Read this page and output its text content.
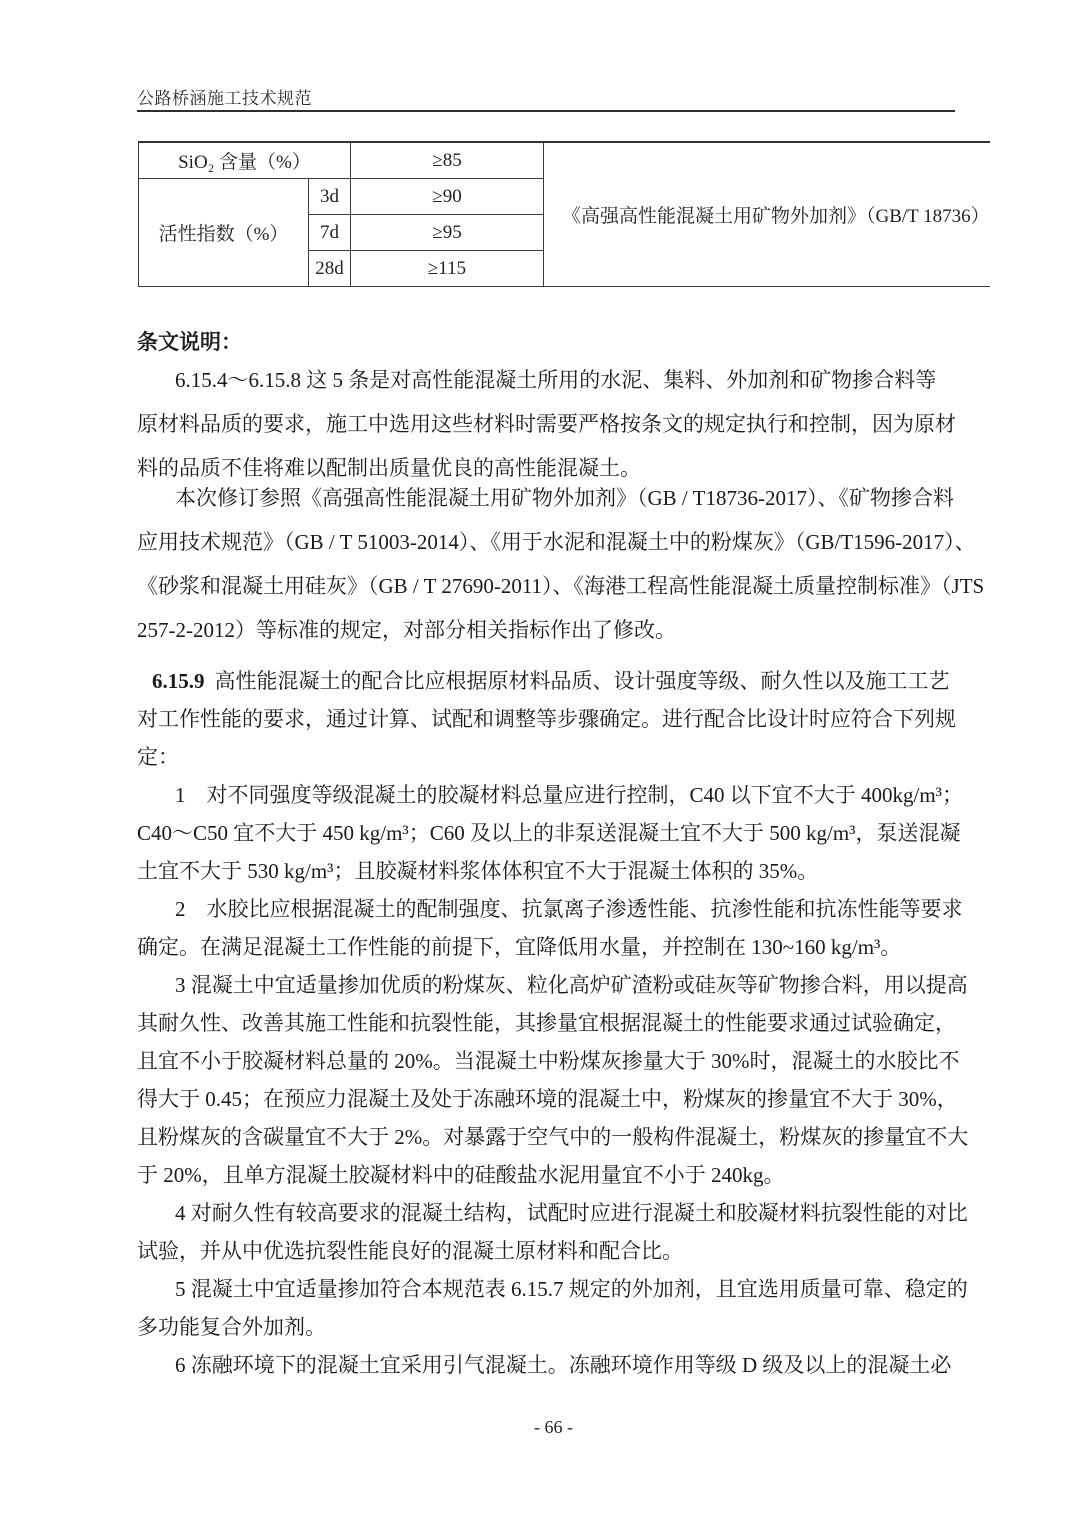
公路桥涵施工技术规范
SiO₂ 含量（%）		≥85	《高强高性能混凝土用矿物外加剂》（GB/T 18736）
活性指数（%）	3d	≥90	
	7d	≥95	
	28d	≥115	
条文说明：
6.15.4～6.15.8 这 5 条是对高性能混凝土所用的水泥、集料、外加剂和矿物掺合料等
原材料品质的要求，施工中选用这些材料时需要严格按条文的规定执行和控制，因为原材
料的品质不佳将难以配制出质量优良的高性能混凝土。
本次修订参照《高强高性能混凝土用矿物外加剂》（GB / T18736-2017）、《矿物掺合料
应用技术规范》（GB / T 51003-2014）、《用于水泥和混凝土中的粉煤灰》（GB/T1596-2017）、
《砂浆和混凝土用硅灰》（GB / T 27690-2011）、《海港工程高性能混凝土质量控制标准》（JTS
257-2-2012）等标准的规定，对部分相关指标作出了修改。
6.15.9 高性能混凝土的配合比应根据原材料品质、设计强度等级、耐久性以及施工工艺
对工作性能的要求，通过计算、试配和调整等步骤确定。进行配合比设计时应符合下列规
定：
1　对不同强度等级混凝土的胶凝材料总量应进行控制，C40 以下宜不大于 400kg/m³；
C40～C50 宜不大于 450 kg/m³；C60 及以上的非泵送混凝土宜不大于 500 kg/m³，泵送混凝
土宜不大于 530 kg/m³；且胶凝材料浆体体积宜不大于混凝土体积的 35%。
2　水胶比应根据混凝土的配制强度、抗氯离子渗透性能、抗渗性能和抗冻性能等要求
确定。在满足混凝土工作性能的前提下，宜降低用水量，并控制在 130~160 kg/m³。
3 混凝土中宜适量掺加优质的粉煤灰、粒化高炉矿渣粉或硅灰等矿物掺合料，用以提高
其耐久性、改善其施工性能和抗裂性能，其掺量宜根据混凝土的性能要求通过试验确定，
且宜不小于胶凝材料总量的 20%。当混凝土中粉煤灰掺量大于 30%时，混凝土的水胶比不
得大于 0.45；在预应力混凝土及处于冻融环境的混凝土中，粉煤灰的掺量宜不大于 30%，
且粉煤灰的含碳量宜不大于 2%。对暴露于空气中的一般构件混凝土，粉煤灰的掺量宜不大
于 20%，且单方混凝土胶凝材料中的硅酸盐水泥用量宜不小于 240kg。
4 对耐久性有较高要求的混凝土结构，试配时应进行混凝土和胶凝材料抗裂性能的对比
试验，并从中优选抗裂性能良好的混凝土原材料和配合比。
5 混凝土中宜适量掺加符合本规范表 6.15.7 规定的外加剂，且宜选用质量可靠、稳定的
多功能复合外加剂。
6 冻融环境下的混凝土宜采用引气混凝土。冻融环境作用等级 D 级及以上的混凝土必
- 66 -
